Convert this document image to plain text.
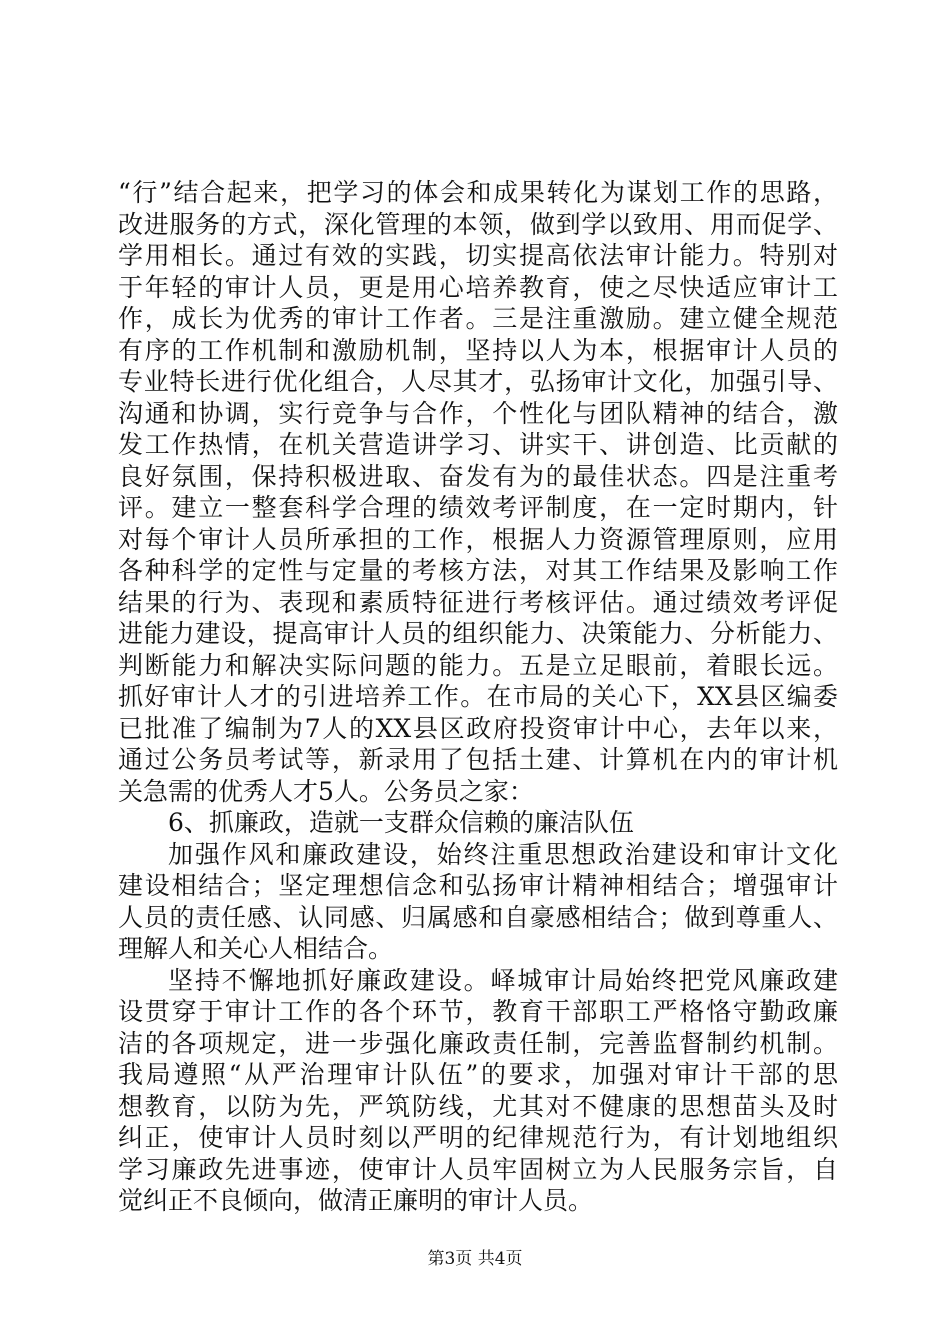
“行”结合起来，把学习的体会和成果转化为谋划工作的思路，
改进服务的方式，深化管理的本领，做到学以致用、用而促学、
学用相长。通过有效的实践，切实提高依法审计能力。特别对
于年轻的审计人员，更是用心培养教育，使之尽快适应审计工
作，成长为优秀的审计工作者。三是注重激励。建立健全规范
有序的工作机制和激励机制，坚持以人为本，根据审计人员的
专业特长进行优化组合，人尽其才，弘扬审计文化，加强引导、
沟通和协调，实行竞争与合作，个性化与团队精神的结合，激
发工作热情，在机关营造讲学习、讲实干、讲创造、比贡献的
良好氛围，保持积极进取、奋发有为的最佳状态。四是注重考
评。建立一整套科学合理的绩效考评制度，在一定时期内，针
对每个审计人员所承担的工作，根据人力资源管理原则，应用
各种科学的定性与定量的考核方法，对其工作结果及影响工作
结果的行为、表现和素质特征进行考核评估。通过绩效考评促
进能力建设，提高审计人员的组织能力、决策能力、分析能力、
判断能力和解决实际问题的能力。五是立足眼前，着眼长远。
抓好审计人才的引进培养工作。在市局的关心下，XX县区编委
已批准了编制为7人的XX县区政府投资审计中心，去年以来，
通过公务员考试等，新录用了包括土建、计算机在内的审计机
关急需的优秀人才5人。公务员之家：
6、抓廉政，造就一支群众信赖的廉洁队伍
加强作风和廉政建设，始终注重思想政治建设和审计文化
建设相结合；坚定理想信念和弘扬审计精神相结合；增强审计
人员的责任感、认同感、归属感和自豪感相结合；做到尊重人、
理解人和关心人相结合。
坚持不懈地抓好廉政建设。峄城审计局始终把党风廉政建
设贯穿于审计工作的各个环节，教育干部职工严格恪守勤政廉
洁的各项规定，进一步强化廉政责任制，完善监督制约机制。
我局遵照“从严治理审计队伍”的要求，加强对审计干部的思
想教育，以防为先，严筑防线，尤其对不健康的思想苗头及时
纠正，使审计人员时刻以严明的纪律规范行为，有计划地组织
学习廉政先进事迹，使审计人员牢固树立为人民服务宗旨，自
觉纠正不良倾向，做清正廉明的审计人员。
第3页 共4页
